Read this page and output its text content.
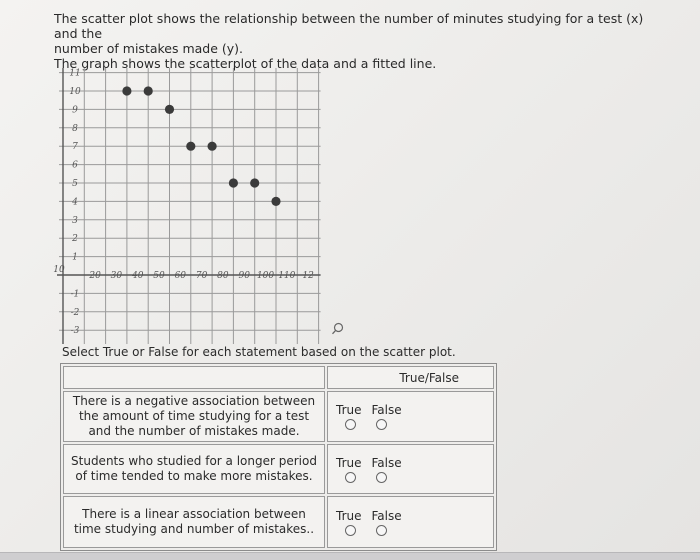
The scatter plot shows the relationship between the number of minutes studying for a test (x) and the

number of mistakes made (y).

The graph shows the scatterplot of the data and a fitted line.

11
10
9
8
7
6
5
4
3
2
1
-1
-2
-3
10
20 30 40 50 60 70 80 90 100 110 12
Select True or False for each statement based on the scatter plot.
	True/False
There is a negative association between the amount of time studying for a test and the number of mistakes made.	True False

Students who studied for a longer period of time tended to make more mistakes.	True False

There is a linear association between time studying and number of mistakes..	True False
